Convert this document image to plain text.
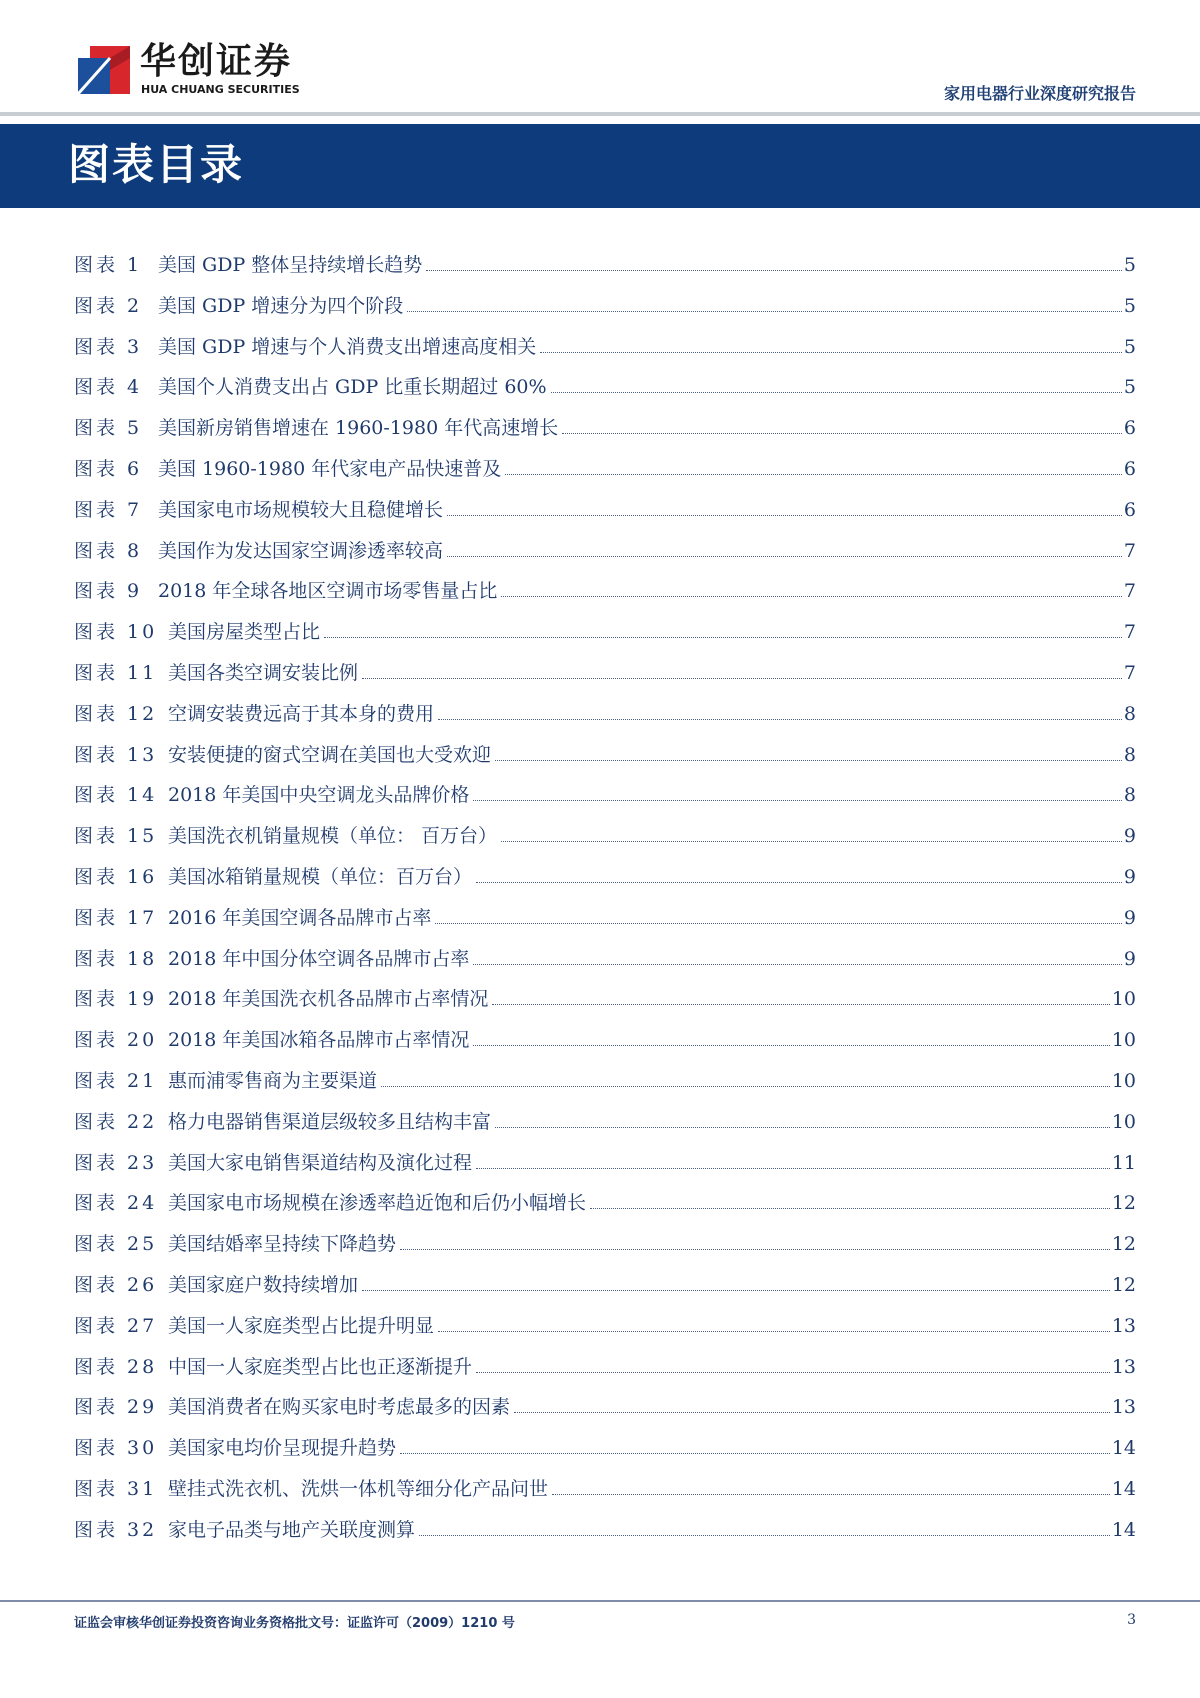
华创证券
HUA CHUANG SECURITIES	家用电器行业深度研究报告
图表目录
图表 1 美国 GDP 整体呈持续增长趋势	5
图表 2 美国 GDP 增速分为四个阶段	5
图表 3 美国 GDP 增速与个人消费支出增速高度相关	5
图表 4 美国个人消费支出占 GDP 比重长期超过 60%	5
图表 5 美国新房销售增速在 1960-1980 年代高速增长	6
图表 6 美国 1960-1980 年代家电产品快速普及	6
图表 7 美国家电市场规模较大且稳健增长	6
图表 8 美国作为发达国家空调渗透率较高	7
图表 9 2018 年全球各地区空调市场零售量占比	7
图表 10 美国房屋类型占比	7
图表 11 美国各类空调安装比例	7
图表 12 空调安装费远高于其本身的费用	8
图表 13 安装便捷的窗式空调在美国也大受欢迎	8
图表 14 2018 年美国中央空调龙头品牌价格	8
图表 15 美国洗衣机销量规模（单位： 百万台）	9
图表 16 美国冰箱销量规模（单位：百万台）	9
图表 17 2016 年美国空调各品牌市占率	9
图表 18 2018 年中国分体空调各品牌市占率	9
图表 19 2018 年美国洗衣机各品牌市占率情况	10
图表 20 2018 年美国冰箱各品牌市占率情况	10
图表 21 惠而浦零售商为主要渠道	10
图表 22 格力电器销售渠道层级较多且结构丰富	10
图表 23 美国大家电销售渠道结构及演化过程	11
图表 24 美国家电市场规模在渗透率趋近饱和后仍小幅增长	12
图表 25 美国结婚率呈持续下降趋势	12
图表 26 美国家庭户数持续增加	12
图表 27 美国一人家庭类型占比提升明显	13
图表 28 中国一人家庭类型占比也正逐渐提升	13
图表 29 美国消费者在购买家电时考虑最多的因素	13
图表 30 美国家电均价呈现提升趋势	14
图表 31 壁挂式洗衣机、洗烘一体机等细分化产品问世	14
图表 32 家电子品类与地产关联度测算	14
证监会审核华创证券投资咨询业务资格批文号：证监许可（2009）1210 号	3
